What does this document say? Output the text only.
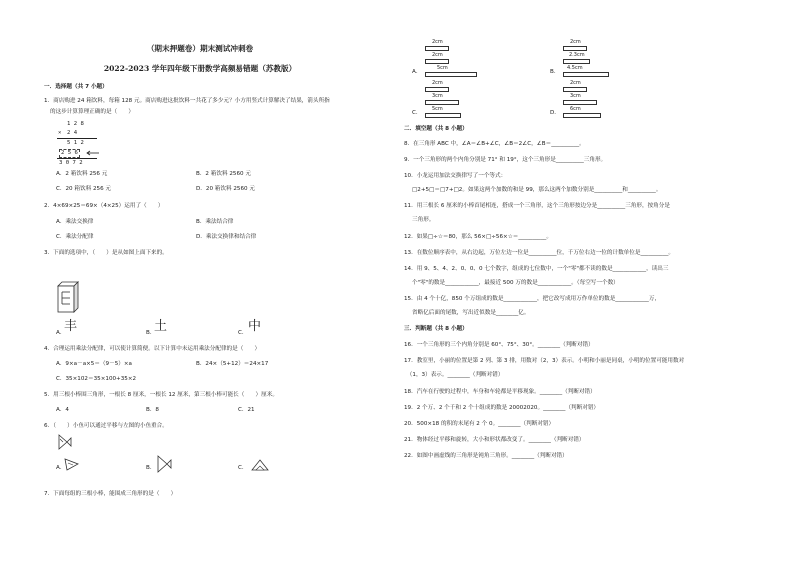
（期末押题卷）期末测试冲刺卷
2022-2023 学年四年级下册数学高频易错题（苏教版）
一．选择题（共 7 小题）
1．商店购进 24 箱饮料，每箱 128 元。商店购进这批饮料一共花了多少元？小方用竖式计算解决了结果，箭头所指
的这步计算算理正确的是（　　）
1 2 8
×　2 4
5 1 2
2 5 6
3 0 7 2
A．2 箱饮料 256 元	B．2 箱饮料 2560 元
C．20 箱饮料 256 元	D．20 箱饮料 2560 元
2．4×69×25＝69×（4×25）运用了（　　）
A．乘法交换律	B．乘法结合律
C．乘法分配律	D．乘法交换律和结合律
3．下面的选项中，（　　）是从如图上面下来的。
A．
丰	B．
土	C． 中
4．合理运用乘法分配律，可以使计算简便。以下计算中未运用乘法分配律的是（　　）
A．9×a－a×5＝（9－5）×a	B．24×（5+12）＝24×17
C．35×102＝35×100+35×2
5．用三根小棒围三角形，一根长 8 厘米，一根长 12 厘米，第三根小棒可能长（　　）厘米。
A．4	B．8	C．21
6．（　　）小鱼可以通过平移与左图的小鱼重合。
A．	B．	C．
7．下面每组的三根小棒，能围成三角形的是（　　）
A．
2cm
2cm
5cm
B．
2cm
2.3cm
4.5cm
C．
2cm
3cm
5cm
D．
2cm
3cm
6cm
二．填空题（共 8 小题）
8．在三角形 ABC 中，∠A＝∠B+∠C，∠B＝2∠C，∠B＝__________。
9．一个三角形的两个内角分别是 71° 和 19°，这个三角形是__________三角形。
10．小龙运用加法交换律写了一个等式：
□2+5□＝□7+□2。如果这两个加数的和是 99，那么这两个加数分别是__________和__________。
11．用三根长 6 厘米的小棒首尾相连，搭成一个三角形，这个三角形按边分是__________三角形，按角分是
三角形。
12．如果□÷☆＝80，那么 56×□÷56×☆＝__________。
13．在数位顺序表中，从右边起，万位左边一位是__________位，千万位右边一位的计数单位是__________。
14．用 9、5、4、2、0、0、0 七个数字，组成的七位数中，一个"零"都不读的数是____________，读出三
个"零"的数是____________，最接近 500 万的数是____________。（每空写一个数）
15．由 4 个十亿，850 个万组成的数是____________，把它改写成用万作单位的数是____________万，
省略亿后面的尾数，写出近似数是________亿。
三．判断题（共 8 小题）
16．一个三角形的三个内角分别是 60°、75°、30°。________（判断对错）
17．教室里，小丽的位置是第 2 列、第 3 排，用数对（2，3）表示。小明和小丽是同桌，小明的位置可能用数对
　（1，3）表示。________（判断对错）
18．汽车在行驶的过程中，车身和车轮都是平移现象。________（判断对错）
19．2 个万、2 个千和 2 个十组成的数是 20002020。________（判断对错）
20．500×18 的积的末尾有 2 个 0。________（判断对错）
21．物体经过平移和旋转，大小和形状都改变了。________（判断对错）
22．如图中画虚线的三角形是钝角三角形。________（判断对错）
